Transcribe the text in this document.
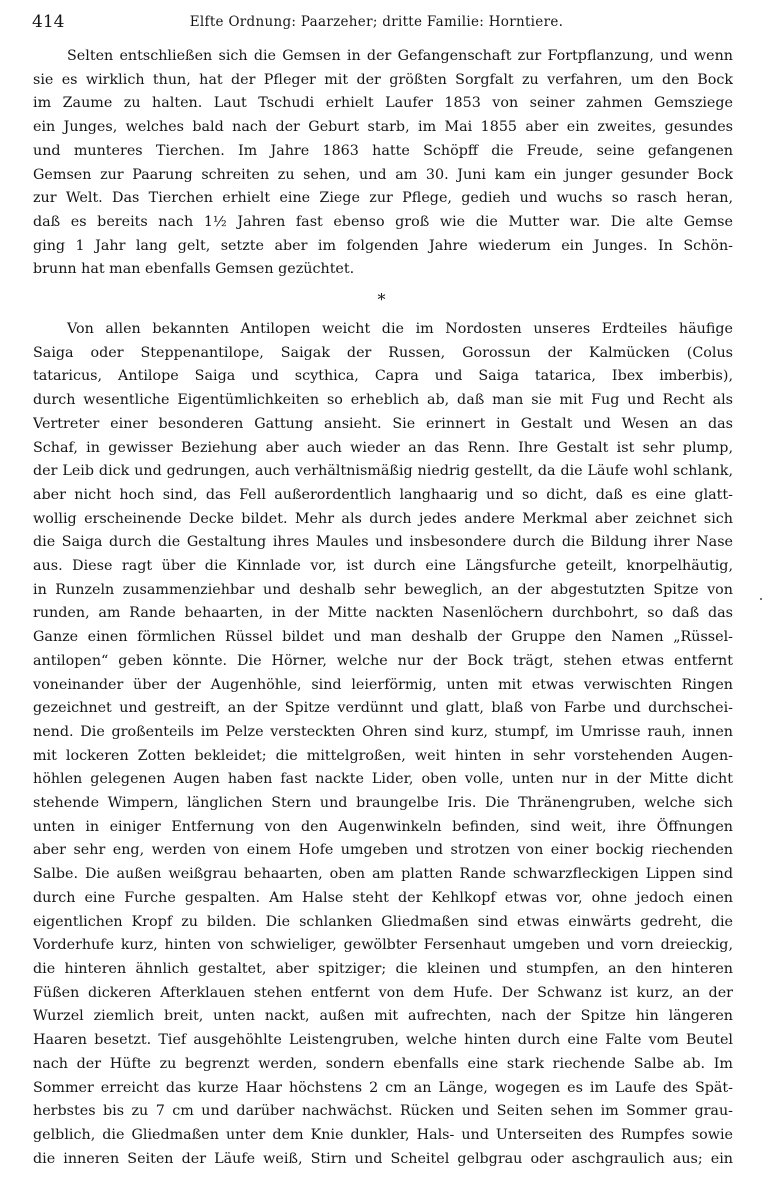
414	Elfte Ordnung: Paarzeher; dritte Familie: Horntiere.
Selten entschließen sich die Gemsen in der Gefangenschaft zur Fortpflanzung, und wenn
sie es wirklich thun, hat der Pfleger mit der größten Sorgfalt zu verfahren, um den Bock
im Zaume zu halten. Laut Tschudi erhielt Laufer 1853 von seiner zahmen Gemsziege
ein Junges, welches bald nach der Geburt starb, im Mai 1855 aber ein zweites, gesundes
und munteres Tierchen. Im Jahre 1863 hatte Schöpff die Freude, seine gefangenen
Gemsen zur Paarung schreiten zu sehen, und am 30. Juni kam ein junger gesunder Bock
zur Welt. Das Tierchen erhielt eine Ziege zur Pflege, gedieh und wuchs so rasch heran,
daß es bereits nach 1½ Jahren fast ebenso groß wie die Mutter war. Die alte Gemse
ging 1 Jahr lang gelt, setzte aber im folgenden Jahre wiederum ein Junges. In Schön-
brunn hat man ebenfalls Gemsen gezüchtet.
*
Von allen bekannten Antilopen weicht die im Nordosten unseres Erdteiles häufige
Saiga oder Steppenantilope, Saigak der Russen, Gorossun der Kalmücken (Colus
tataricus, Antilope Saiga und scythica, Capra und Saiga tatarica, Ibex imberbis),
durch wesentliche Eigentümlichkeiten so erheblich ab, daß man sie mit Fug und Recht als
Vertreter einer besonderen Gattung ansieht. Sie erinnert in Gestalt und Wesen an das
Schaf, in gewisser Beziehung aber auch wieder an das Renn. Ihre Gestalt ist sehr plump,
der Leib dick und gedrungen, auch verhältnismäßig niedrig gestellt, da die Läufe wohl schlank,
aber nicht hoch sind, das Fell außerordentlich langhaarig und so dicht, daß es eine glatt-
wollig erscheinende Decke bildet. Mehr als durch jedes andere Merkmal aber zeichnet sich
die Saiga durch die Gestaltung ihres Maules und insbesondere durch die Bildung ihrer Nase
aus. Diese ragt über die Kinnlade vor, ist durch eine Längsfurche geteilt, knorpelhäutig,
in Runzeln zusammenziehbar und deshalb sehr beweglich, an der abgestutzten Spitze von
runden, am Rande behaarten, in der Mitte nackten Nasenlöchern durchbohrt, so daß das
Ganze einen förmlichen Rüssel bildet und man deshalb der Gruppe den Namen „Rüssel-
antilopen“ geben könnte. Die Hörner, welche nur der Bock trägt, stehen etwas entfernt
voneinander über der Augenhöhle, sind leierförmig, unten mit etwas verwischten Ringen
gezeichnet und gestreift, an der Spitze verdünnt und glatt, blaß von Farbe und durchschei-
nend. Die großenteils im Pelze versteckten Ohren sind kurz, stumpf, im Umrisse rauh, innen
mit lockeren Zotten bekleidet; die mittelgroßen, weit hinten in sehr vorstehenden Augen-
höhlen gelegenen Augen haben fast nackte Lider, oben volle, unten nur in der Mitte dicht
stehende Wimpern, länglichen Stern und braungelbe Iris. Die Thränengruben, welche sich
unten in einiger Entfernung von den Augenwinkeln befinden, sind weit, ihre Öffnungen
aber sehr eng, werden von einem Hofe umgeben und strotzen von einer bockig riechenden
Salbe. Die außen weißgrau behaarten, oben am platten Rande schwarzfleckigen Lippen sind
durch eine Furche gespalten. Am Halse steht der Kehlkopf etwas vor, ohne jedoch einen
eigentlichen Kropf zu bilden. Die schlanken Gliedmaßen sind etwas einwärts gedreht, die
Vorderhufe kurz, hinten von schwieliger, gewölbter Fersenhaut umgeben und vorn dreieckig,
die hinteren ähnlich gestaltet, aber spitziger; die kleinen und stumpfen, an den hinteren
Füßen dickeren Afterklauen stehen entfernt von dem Hufe. Der Schwanz ist kurz, an der
Wurzel ziemlich breit, unten nackt, außen mit aufrechten, nach der Spitze hin längeren
Haaren besetzt. Tief ausgehöhlte Leistengruben, welche hinten durch eine Falte vom Beutel
nach der Hüfte zu begrenzt werden, sondern ebenfalls eine stark riechende Salbe ab. Im
Sommer erreicht das kurze Haar höchstens 2 cm an Länge, wogegen es im Laufe des Spät-
herbstes bis zu 7 cm und darüber nachwächst. Rücken und Seiten sehen im Sommer grau-
gelblich, die Gliedmaßen unter dem Knie dunkler, Hals- und Unterseiten des Rumpfes sowie
die inneren Seiten der Läufe weiß, Stirn und Scheitel gelbgrau oder aschgraulich aus; ein
